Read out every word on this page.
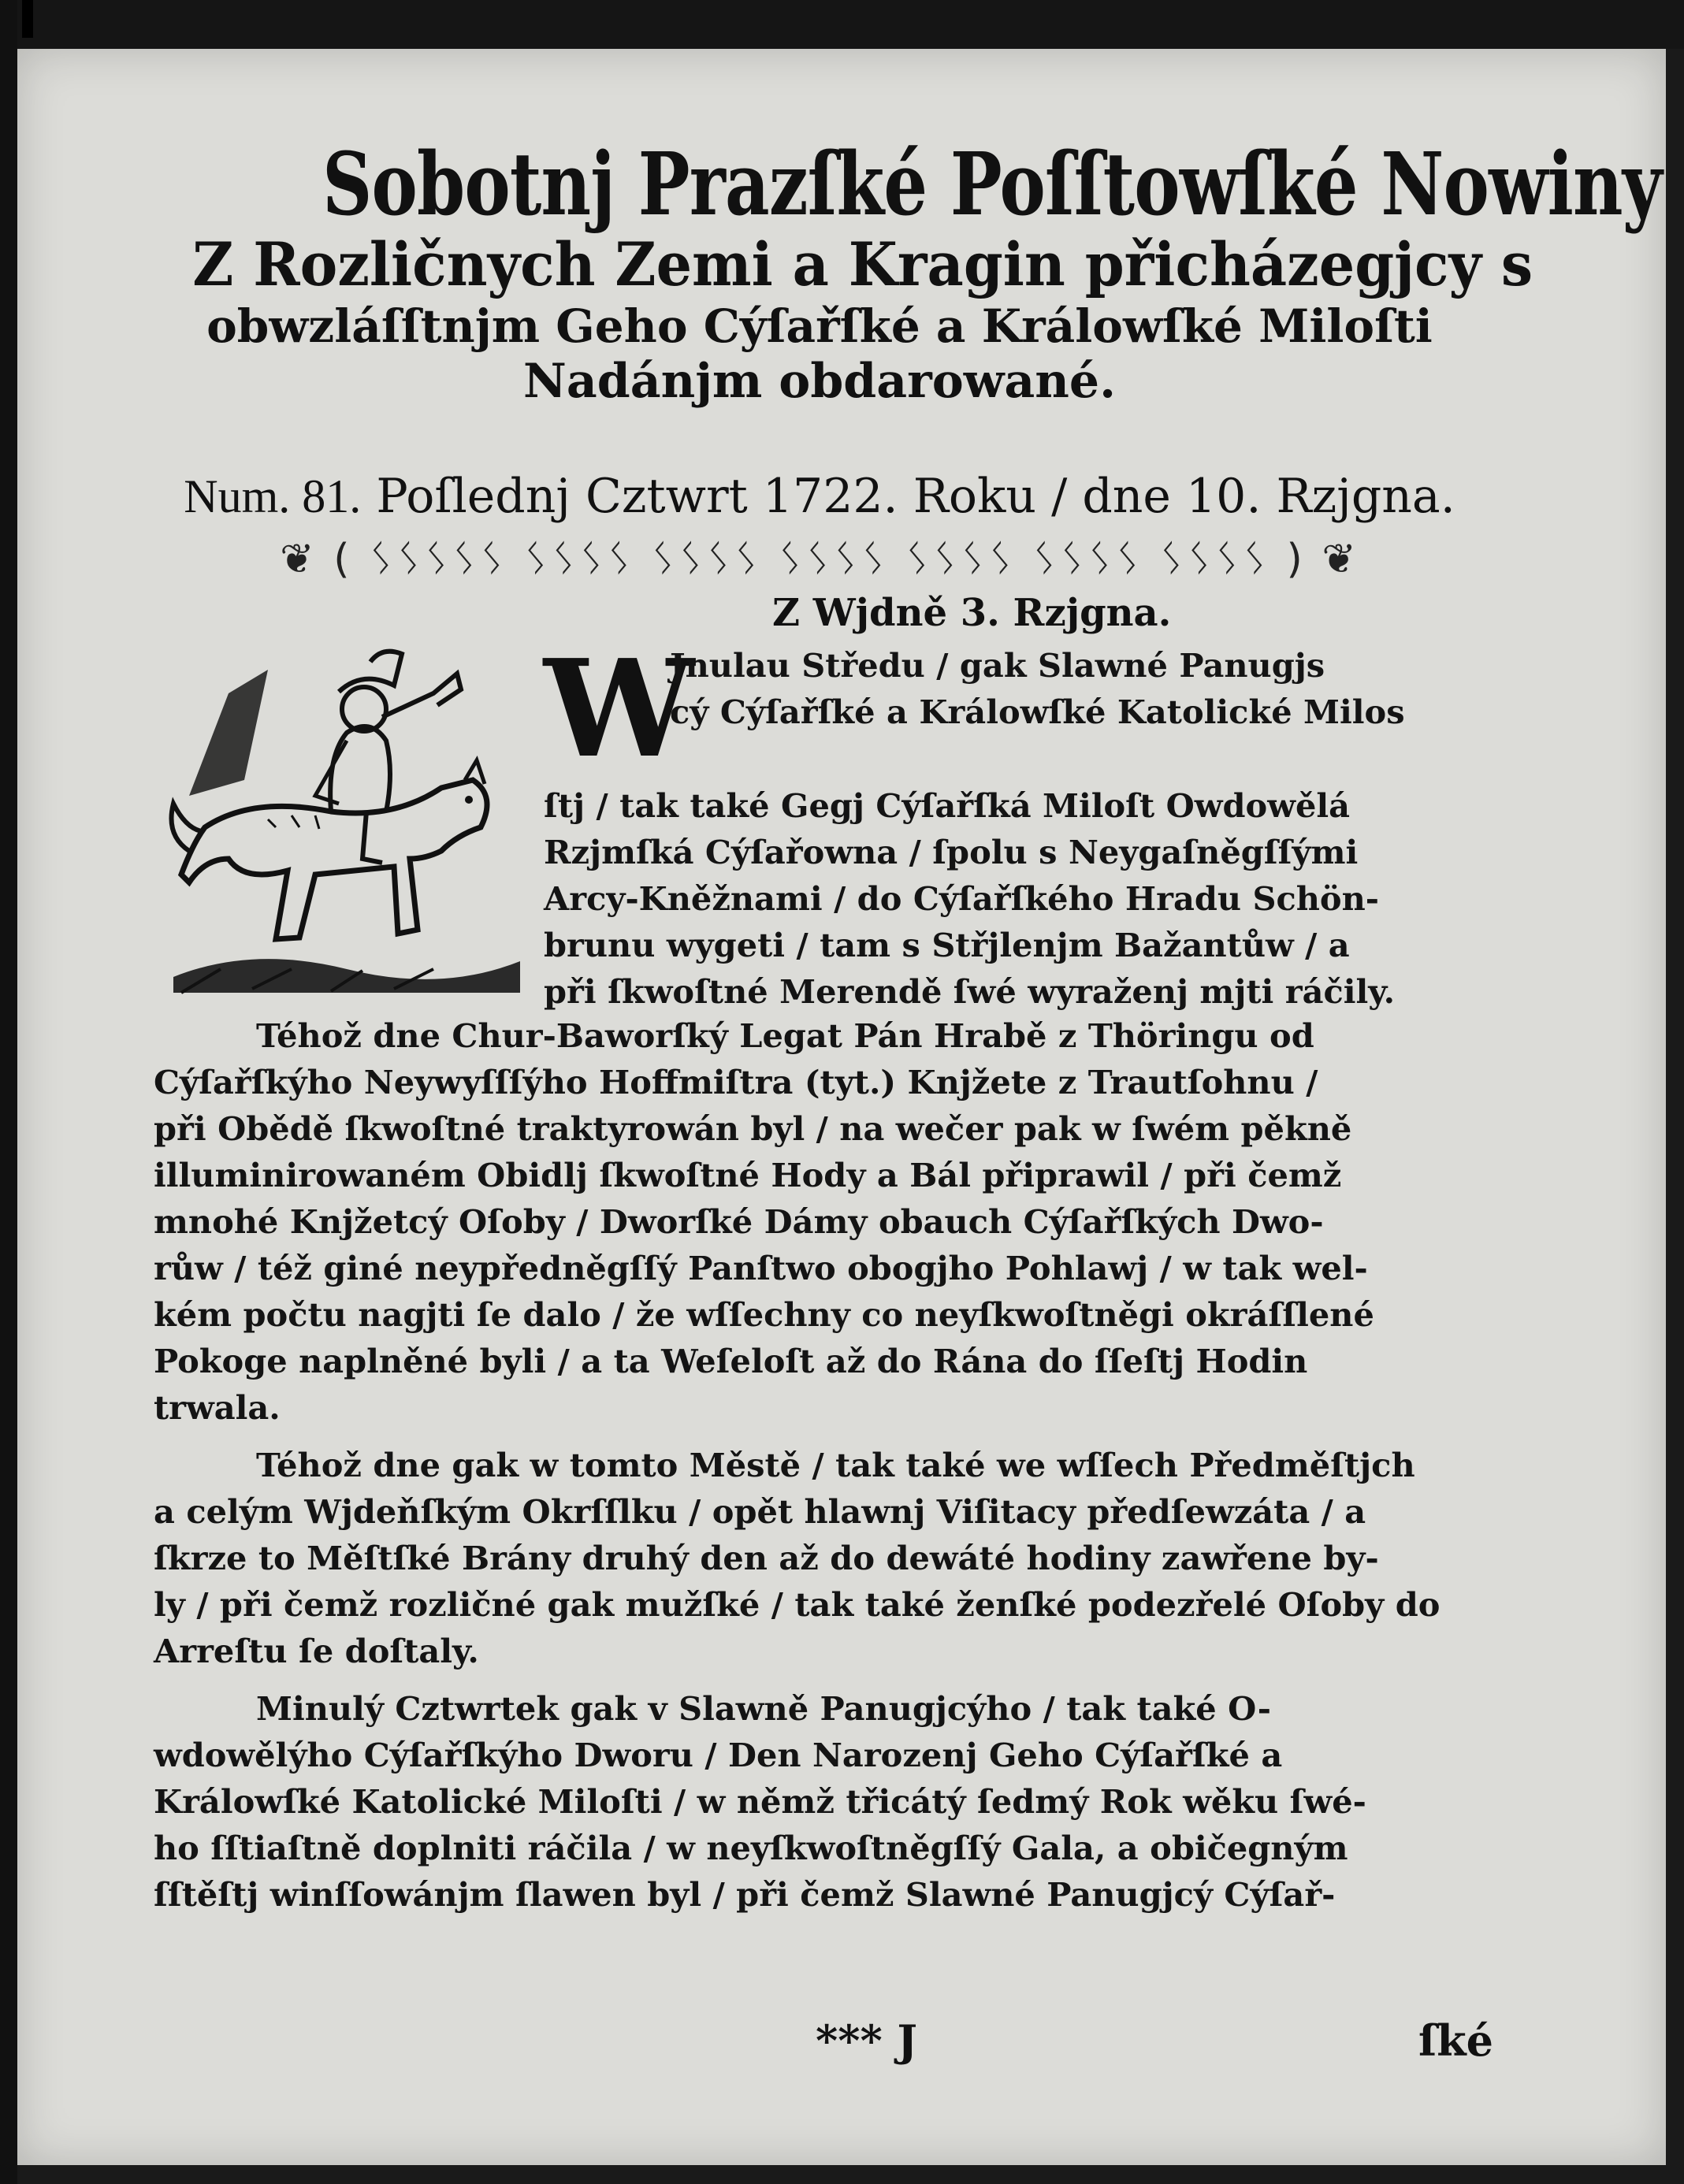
Sobotnj Prazſké Poſſtowſké Nowiny
Z Rozličnych Zemi a Kragin přicházegjcy s
obwzláſſtnjm Geho Cýſařſké a Králowſké Miloſti
Nadánjm obdarowané.
Num. 81. Poſlednj Cztwrt 1722. Roku / dne 10. Rzjgna.
❦ ( ᛊᛊᛊᛊᛊ ᛊᛊᛊᛊ ᛊᛊᛊᛊ ᛊᛊᛊᛊ ᛊᛊᛊᛊ ᛊᛊᛊᛊ ᛊᛊᛊᛊ ) ❦
Z Wjdně 3. Rzjgna.
W
Jnulau Středu / gak Slawné Panugjs
cý Cýſařſké a Králowſké Katolické Milos
ſtj / tak také Gegj Cýſařſká Miloſt Owdowělá
Rzjmſká Cýſařowna / ſpolu s Neygaſněgſſými
Arcy-Kněžnami / do Cýſařſkého Hradu Schön-
brunu wygeti / tam s Střjlenjm Bažantůw / a
při ſkwoſtné Merendě ſwé wyraženj mjti ráčily.
Téhož dne Chur-Baworſký Legat Pán Hrabě z Thöringu od
Cýſařſkýho Neywyſſſýho Hoffmiſtra (tyt.) Knjžete z Trautſohnu /
při Obědě ſkwoſtné traktyrowán byl / na wečer pak w ſwém pěkně
illuminirowaném Obidlj ſkwoſtné Hody a Bál připrawil / při čemž
mnohé Knjžetcý Oſoby / Dworſké Dámy obauch Cýſařſkých Dwo-
růw / též giné neypředněgſſý Panſtwo obogjho Pohlawj / w tak wel-
kém počtu nagjti ſe dalo / že wſſechny co neyſkwoſtněgi okráſſlené
Pokoge naplněné byli / a ta Weſeloſt až do Rána do ſſeſtj Hodin
trwala.
Téhož dne gak w tomto Městě / tak také we wſſech Předměſtjch
a celým Wjdeňſkým Okrſſlku / opět hlawnj Viſitacy předſewzáta / a
ſkrze to Měſtſké Brány druhý den až do dewáté hodiny zawřene by-
ly / při čemž rozličné gak mužſké / tak také ženſké podezřelé Oſoby do
Arreſtu ſe doſtaly.
Minulý Cztwrtek gak v Slawně Panugjcýho / tak také O-
wdowělýho Cýſařſkýho Dworu / Den Narozenj Geho Cýſařſké a
Králowſké Katolické Miloſti / w němž třicátý ſedmý Rok wěku ſwé-
ho ſſtiaſtně doplniti ráčila / w neyſkwoſtněgſſý Gala, a običegným
ſſtěſtj winſſowánjm ſlawen byl / při čemž Slawné Panugjcý Cýſař-
*** J	ſké
